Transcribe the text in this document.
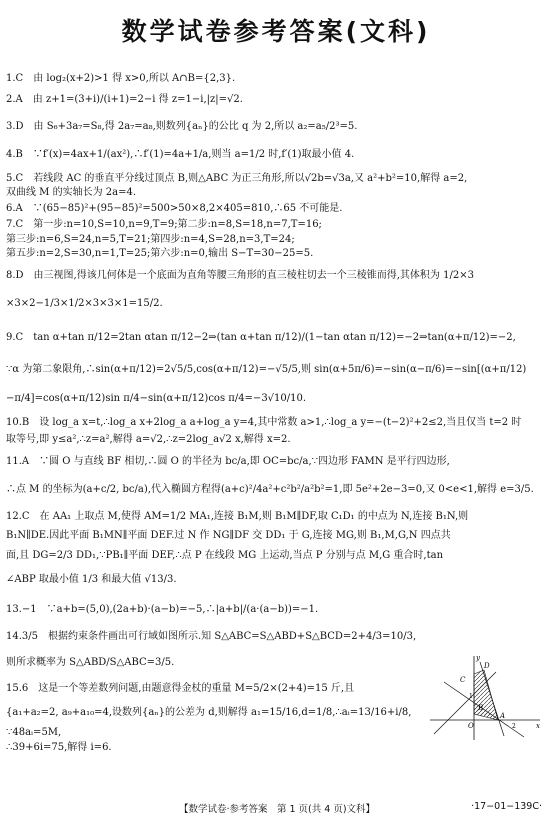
数学试卷参考答案(文科)
1.C　由 log₂(x+2)>1 得 x>0,所以 A∩B={2,3}.
2.A　由 z+1=(3+i)/(i+1)=2−i 得 z=1−i,|z|=√2.
3.D　由 S₆+3a₇=S₈,得 2a₇=a₈,则数列{aₙ}的公比 q 为 2,所以 a₂=a₅/2³=5.
4.B　∵f′(x)=4ax+1/(ax²),∴f′(1)=4a+1/a,则当 a=1/2 时,f′(1)取最小值 4.
5.C　若线段 AC 的垂直平分线过顶点 B,则△ABC 为正三角形,所以√2b=√3a,又 a²+b²=10,解得 a=2,
双曲线 M 的实轴长为 2a=4.
6.A　∵(65−85)²+(95−85)²=500>50×8,2×405=810,∴65 不可能是.
7.C　第一步:n=10,S=10,n=9,T=9;第二步:n=8,S=18,n=7,T=16;
第三步:n=6,S=24,n=5,T=21;第四步:n=4,S=28,n=3,T=24;
第五步:n=2,S=30,n=1,T=25;第六步:n=0,输出 S−T=30−25=5.
8.D　由三视图,得该几何体是一个底面为直角等腰三角形的直三棱柱切去一个三棱锥而得,其体积为 1/2×3
×3×2−1/3×1/2×3×3×1=15/2.
9.C　tan α+tan π/12=2tan αtan π/12−2⇒(tan α+tan π/12)/(1−tan αtan π/12)=−2⇒tan(α+π/12)=−2,
∵α 为第二象限角,∴sin(α+π/12)=2√5/5,cos(α+π/12)=−√5/5,则 sin(α+5π/6)=−sin(α−π/6)=−sin[(α+π/12)
−π/4]=cos(α+π/12)sin π/4−sin(α+π/12)cos π/4=−3√10/10.
10.B　设 log_a x=t,∴log_a x+2log_a a+log_a y=4,其中常数 a>1,∴log_a y=−(t−2)²+2≤2,当且仅当 t=2 时
取等号,即 y≤a²,∴z=a²,解得 a=√2,∴z=2log_a√2 x,解得 x=2.
11.A　∵圆 O 与直线 BF 相切,∴圆 O 的半径为 bc/a,即 OC=bc/a,∵四边形 FAMN 是平行四边形,
∴点 M 的坐标为(a+c/2, bc/a),代入椭圆方程得(a+c)²/4a²+c²b²/a²b²=1,即 5e²+2e−3=0,又 0<e<1,解得 e=3/5.
12.C　在 AA₁ 上取点 M,使得 AM=1/2 MA₁,连接 B₁M,则 B₁M∥DF,取 C₁D₁ 的中点为 N,连接 B₁N,则
B₁N∥DE.因此平面 B₁MN∥平面 DEF.过 N 作 NG∥DF 交 DD₁ 于 G,连接 MG,则 B₁,M,G,N 四点共
面,且 DG=2/3 DD₁,∵PB₁∥平面 DEF,∴点 P 在线段 MG 上运动,当点 P 分别与点 M,G 重合时,tan
∠ABP 取最小值 1/3 和最大值 √13/3.
13.−1　∵a+b=(5,0),(2a+b)·(a−b)=−5,∴|a+b|/(a·(a−b))=−1.
14.3/5　根据约束条件画出可行域如图所示.知 S△ABC=S△ABD+S△BCD=2+4/3=10/3,
则所求概率为 S△ABD/S△ABC=3/5.
15.6　这是一个等差数列问题,由题意得金杖的重量 M=5/2×(2+4)=15 斤,且
{a₁+a₂=2, a₉+a₁₀=4,设数列{aₙ}的公差为 d,则解得 a₁=15/16,d=1/8,∴aᵢ=13/16+i/8,
∵48aᵢ=5M,
∴39+6i=75,解得 i=6.
y
D
C
B
A
O	x
1
2
【数学试卷·参考答案　第 1 页(共 4 页)文科】	·17−01−139C·
